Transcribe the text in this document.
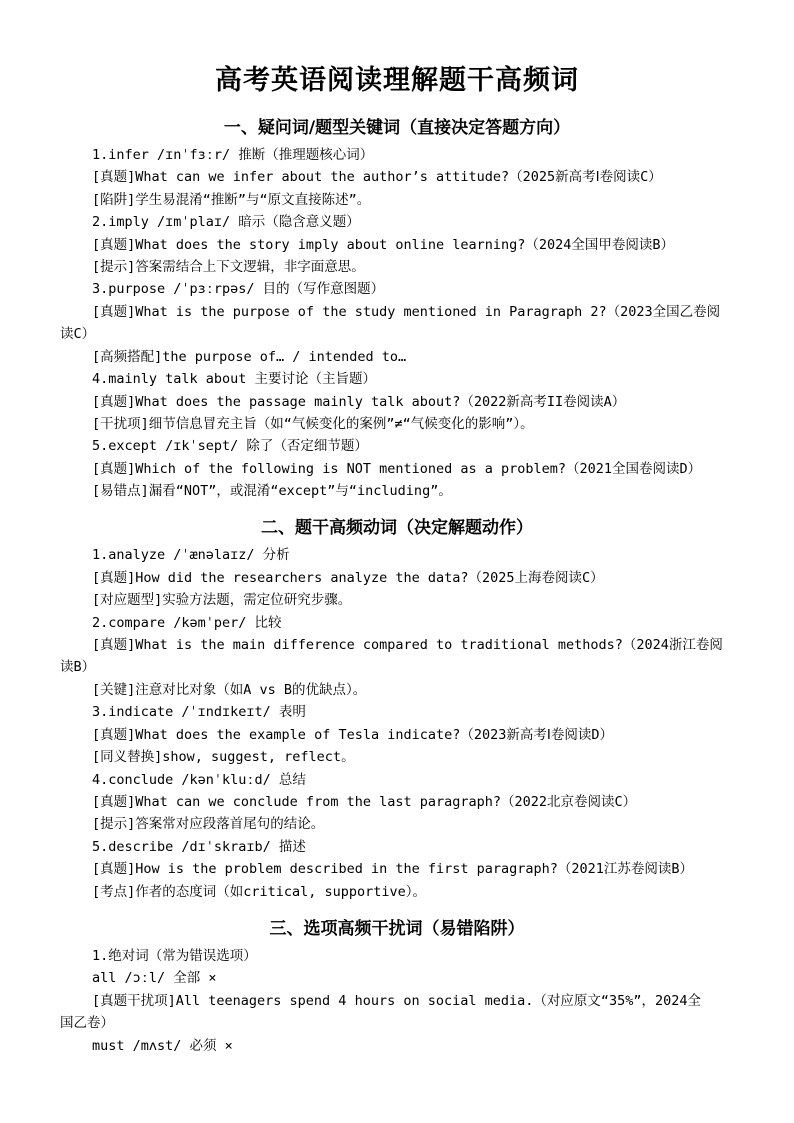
高考英语阅读理解题干高频词
一、疑问词/题型关键词（直接决定答题方向）
1.infer /ɪnˈfɜːr/ 推断（推理题核心词）
[真题]What can we infer about the author’s attitude?（2025新高考Ⅰ卷阅读C）
[陷阱]学生易混淆“推断”与“原文直接陈述”。
2.imply /ɪmˈplaɪ/ 暗示（隐含意义题）
[真题]What does the story imply about online learning?（2024全国甲卷阅读B）
[提示]答案需结合上下文逻辑，非字面意思。
3.purpose /ˈpɜːrpəs/ 目的（写作意图题）
[真题]What is the purpose of the study mentioned in Paragraph 2?（2023全国乙卷阅
读C）
[高频搭配]the purpose of… / intended to…
4.mainly talk about 主要讨论（主旨题）
[真题]What does the passage mainly talk about?（2022新高考II卷阅读A）
[干扰项]细节信息冒充主旨（如“气候变化的案例”≠“气候变化的影响”）。
5.except /ɪkˈsept/ 除了（否定细节题）
[真题]Which of the following is NOT mentioned as a problem?（2021全国卷阅读D）
[易错点]漏看“NOT”，或混淆“except”与“including”。
二、题干高频动词（决定解题动作）
1.analyze /ˈænəlaɪz/ 分析
[真题]How did the researchers analyze the data?（2025上海卷阅读C）
[对应题型]实验方法题，需定位研究步骤。
2.compare /kəmˈper/ 比较
[真题]What is the main difference compared to traditional methods?（2024浙江卷阅
读B）
[关键]注意对比对象（如A vs B的优缺点）。
3.indicate /ˈɪndɪkeɪt/ 表明
[真题]What does the example of Tesla indicate?（2023新高考Ⅰ卷阅读D）
[同义替换]show, suggest, reflect。
4.conclude /kənˈkluːd/ 总结
[真题]What can we conclude from the last paragraph?（2022北京卷阅读C）
[提示]答案常对应段落首尾句的结论。
5.describe /dɪˈskraɪb/ 描述
[真题]How is the problem described in the first paragraph?（2021江苏卷阅读B）
[考点]作者的态度词（如critical, supportive）。
三、选项高频干扰词（易错陷阱）
1.绝对词（常为错误选项）
all /ɔːl/ 全部 ×
[真题干扰项]All teenagers spend 4 hours on social media.（对应原文“35%”，2024全
国乙卷）
must /mʌst/ 必须 ×
